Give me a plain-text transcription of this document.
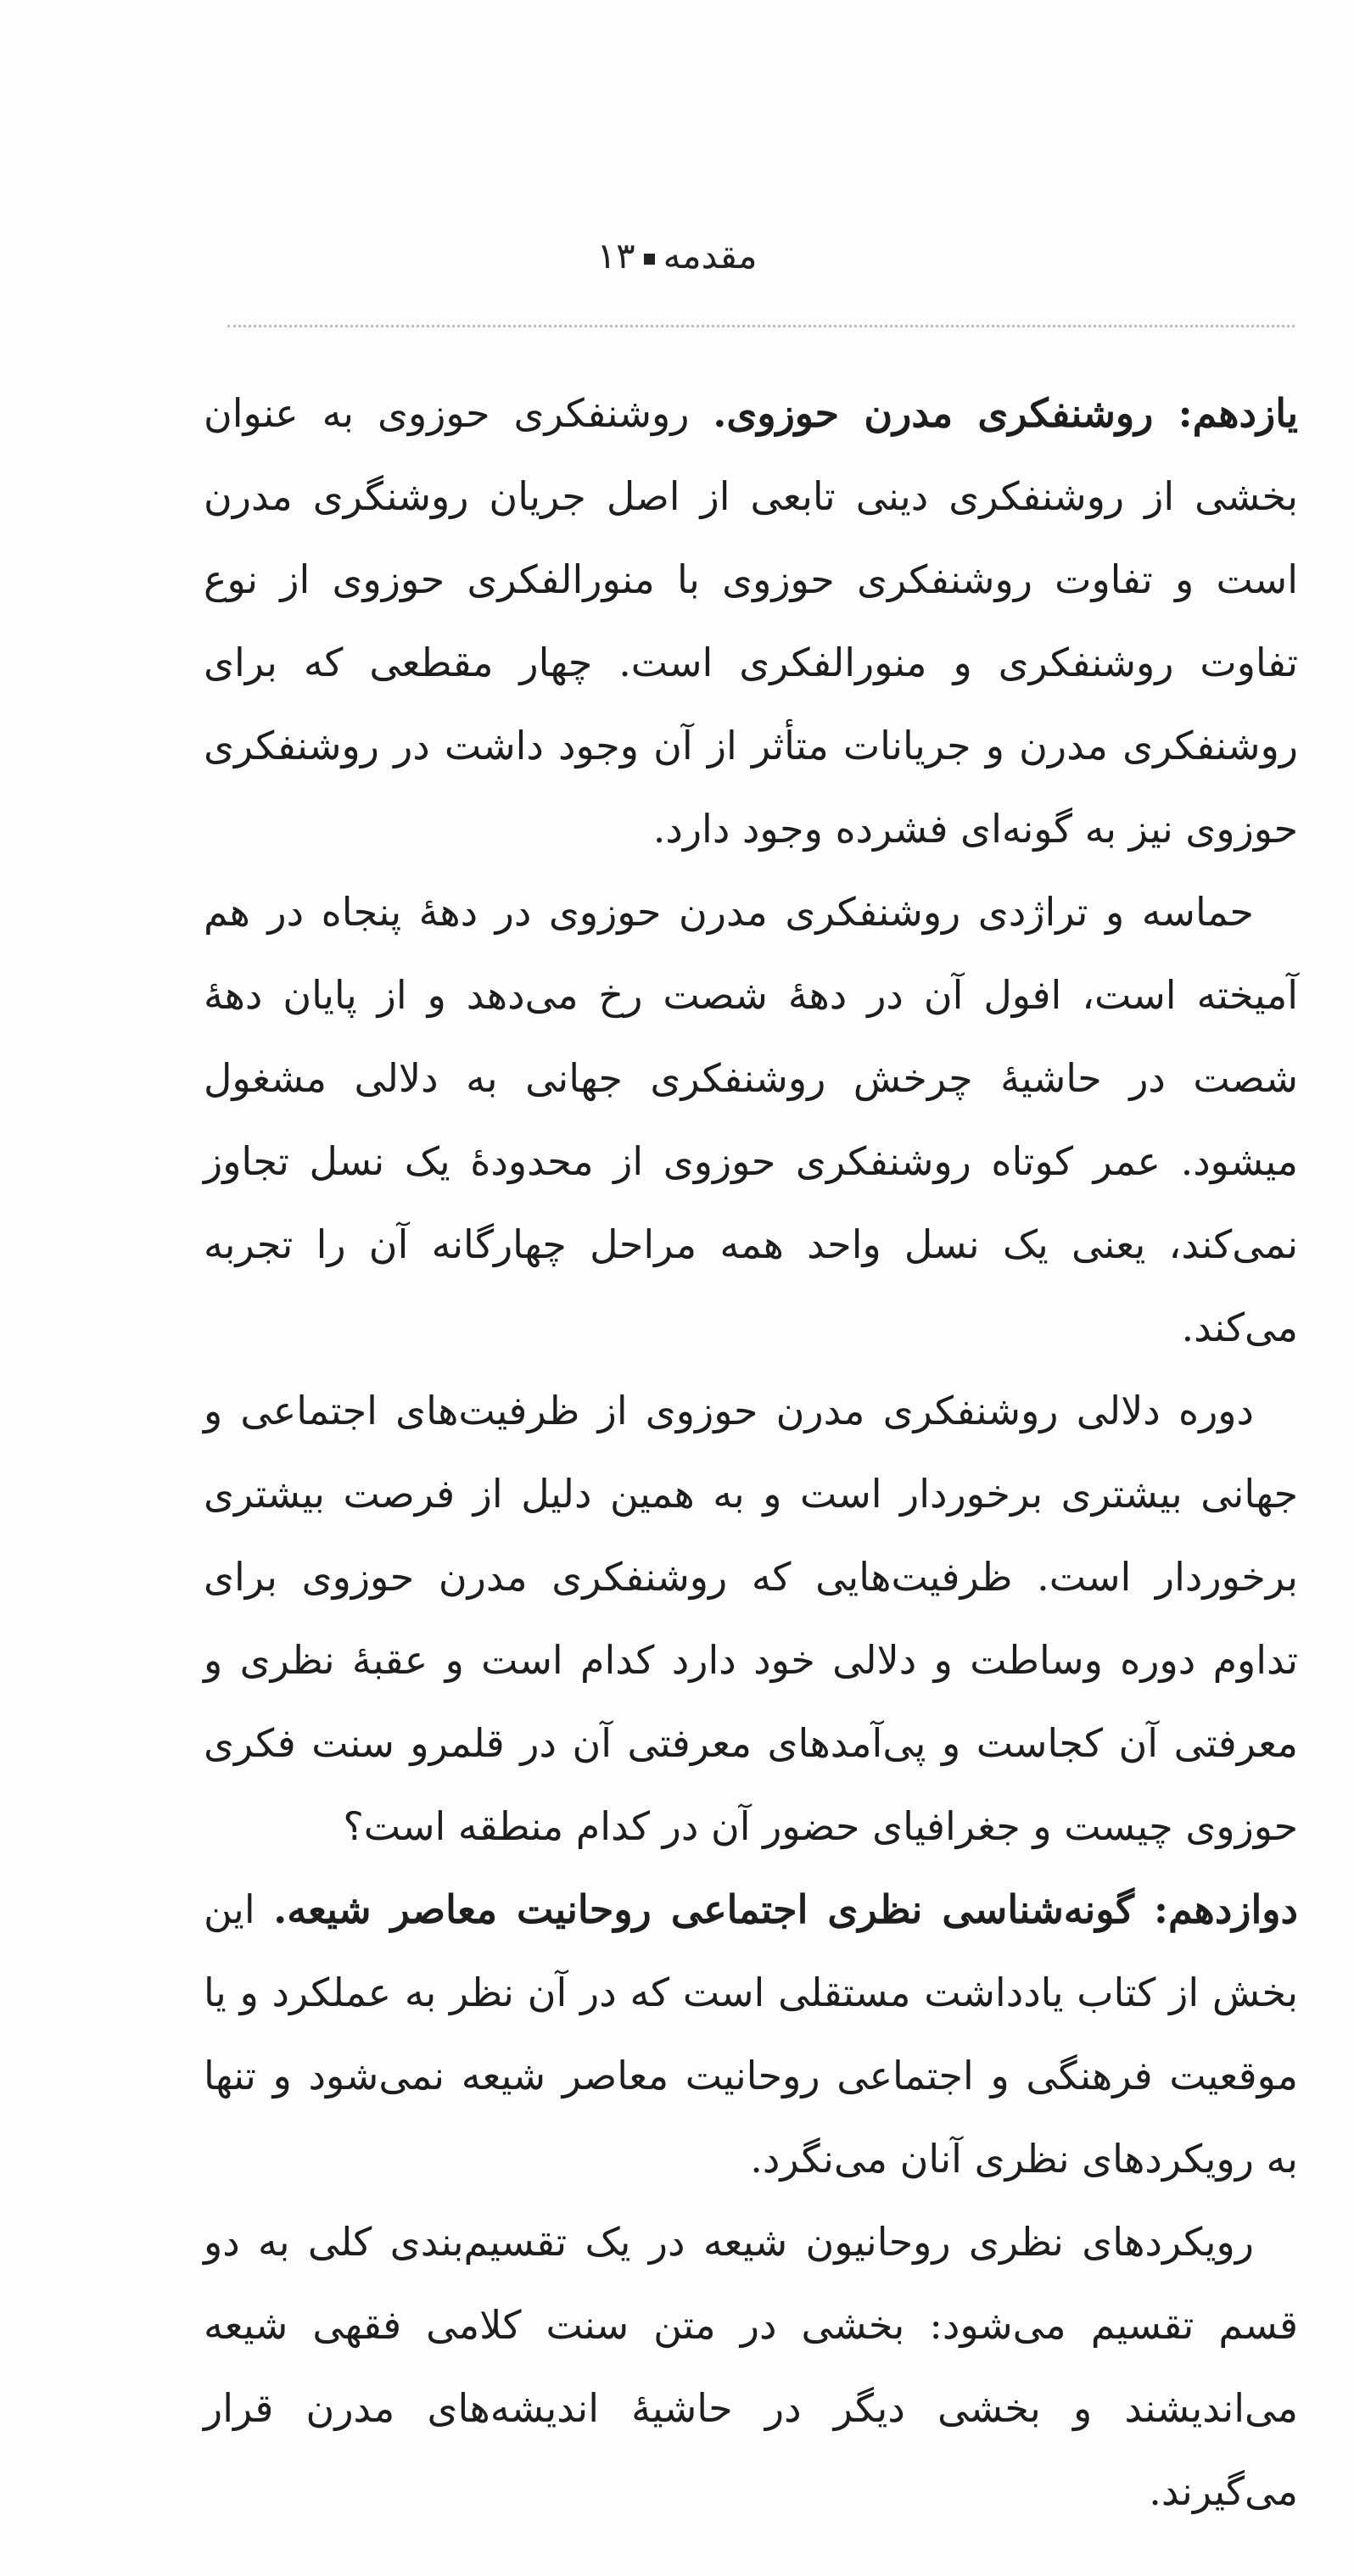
مقدمه۱۳

یازدهم: روشنفکری مدرن حوزوی. روشنفکری حوزوی به عنوان بخشی از روشنفکری دینی تابعی از اصل جریان روشنگری مدرن است و تفاوت روشنفکری حوزوی با منورالفکری حوزوی از نوع تفاوت روشنفکری و منورالفکری است. چهار مقطعی که برای روشنفکری مدرن و جریانات متأثر از آن وجود داشت در روشنفکری حوزوی نیز به گونه‌ای فشرده وجود دارد.

حماسه و تراژدی روشنفکری مدرن حوزوی در دهۀ پنجاه در هم آمیخته است، افول آن در دهۀ شصت رخ می‌دهد و از پایان دهۀ شصت در حاشیۀ چرخش روشنفکری جهانی به دلالی مشغول میشود. عمر کوتاه روشنفکری حوزوی از محدودۀ یک نسل تجاوز نمی‌کند، یعنی یک نسل واحد همه مراحل چهارگانه آن را تجربه می‌کند.

دوره دلالی روشنفکری مدرن حوزوی از ظرفیت‌های اجتماعی و جهانی بیشتری برخوردار است و به همین دلیل از فرصت بیشتری برخوردار است. ظرفیت‌هایی که روشنفکری مدرن حوزوی برای تداوم دوره وساطت و دلالی خود دارد کدام است و عقبۀ نظری و معرفتی آن کجاست و پی‌آمدهای معرفتی آن در قلمرو سنت فکری حوزوی چیست و جغرافیای حضور آن در کدام منطقه است؟

دوازدهم: گونه‌شناسی نظری اجتماعی روحانیت معاصر شیعه. این بخش از کتاب یادداشت مستقلی است که در آن نظر به عملکرد و یا موقعیت فرهنگی و اجتماعی روحانیت معاصر شیعه نمی‌شود و تنها به رویکردهای نظری آنان می‌نگرد.

رویکردهای نظری روحانیون شیعه در یک تقسیم‌بندی کلی به دو قسم تقسیم می‌شود: بخشی در متن سنت کلامی فقهی شیعه می‌اندیشند و بخشی دیگر در حاشیۀ اندیشه‌های مدرن قرار می‌گیرند.
